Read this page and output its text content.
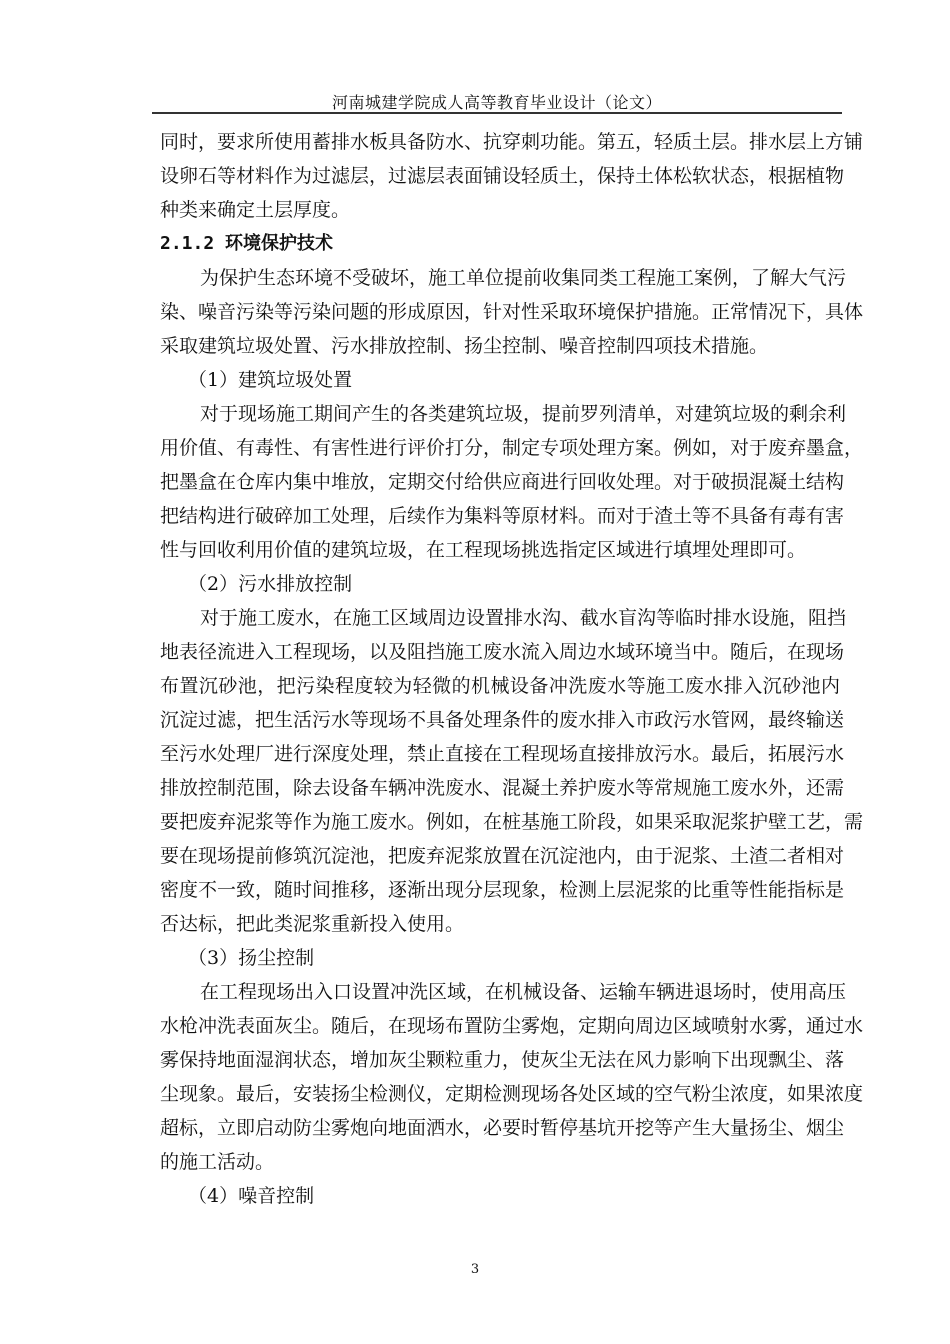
河南城建学院成人高等教育毕业设计（论文）
同时，要求所使用蓄排水板具备防水、抗穿刺功能。第五，轻质土层。排水层上方铺
设卵石等材料作为过滤层，过滤层表面铺设轻质土，保持土体松软状态，根据植物
种类来确定土层厚度。
2.1.2 环境保护技术
为保护生态环境不受破坏，施工单位提前收集同类工程施工案例，了解大气污
染、噪音污染等污染问题的形成原因，针对性采取环境保护措施。正常情况下，具体
采取建筑垃圾处置、污水排放控制、扬尘控制、噪音控制四项技术措施。
（1）建筑垃圾处置
对于现场施工期间产生的各类建筑垃圾，提前罗列清单，对建筑垃圾的剩余利
用价值、有毒性、有害性进行评价打分，制定专项处理方案。例如，对于废弃墨盒，
把墨盒在仓库内集中堆放，定期交付给供应商进行回收处理。对于破损混凝土结构
把结构进行破碎加工处理，后续作为集料等原材料。而对于渣土等不具备有毒有害
性与回收利用价值的建筑垃圾，在工程现场挑选指定区域进行填埋处理即可。
（2）污水排放控制
对于施工废水，在施工区域周边设置排水沟、截水盲沟等临时排水设施，阻挡
地表径流进入工程现场，以及阻挡施工废水流入周边水域环境当中。随后，在现场
布置沉砂池，把污染程度较为轻微的机械设备冲洗废水等施工废水排入沉砂池内
沉淀过滤，把生活污水等现场不具备处理条件的废水排入市政污水管网，最终输送
至污水处理厂进行深度处理，禁止直接在工程现场直接排放污水。最后，拓展污水
排放控制范围，除去设备车辆冲洗废水、混凝土养护废水等常规施工废水外，还需
要把废弃泥浆等作为施工废水。例如，在桩基施工阶段，如果采取泥浆护壁工艺，需
要在现场提前修筑沉淀池，把废弃泥浆放置在沉淀池内，由于泥浆、土渣二者相对
密度不一致，随时间推移，逐渐出现分层现象，检测上层泥浆的比重等性能指标是
否达标，把此类泥浆重新投入使用。
（3）扬尘控制
在工程现场出入口设置冲洗区域，在机械设备、运输车辆进退场时，使用高压
水枪冲洗表面灰尘。随后，在现场布置防尘雾炮，定期向周边区域喷射水雾，通过水
雾保持地面湿润状态，增加灰尘颗粒重力，使灰尘无法在风力影响下出现飘尘、落
尘现象。最后，安装扬尘检测仪，定期检测现场各处区域的空气粉尘浓度，如果浓度
超标，立即启动防尘雾炮向地面洒水，必要时暂停基坑开挖等产生大量扬尘、烟尘
的施工活动。
（4）噪音控制
3
